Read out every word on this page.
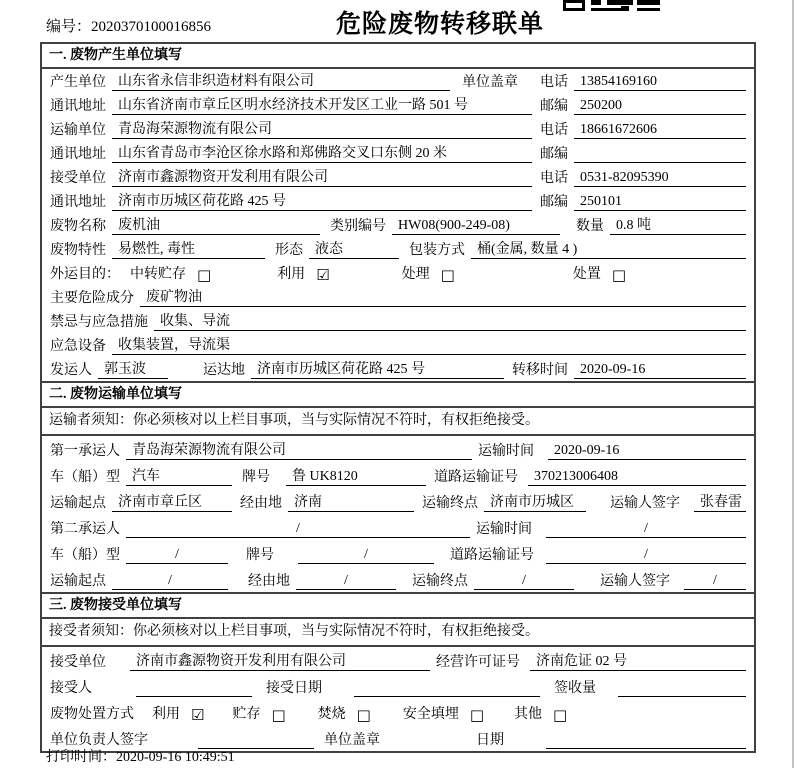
编号：2020370100016856	危险废物转移联单
一. 废物产生单位填写
产生单位 山东省永信非织造材料有限公司	单位盖章 电话 13854169160
通讯地址 山东省济南市章丘区明水经济技术开发区工业一路 501 号	邮编 250200
运输单位 青岛海荣源物流有限公司	电话 18661672606
通讯地址 山东省青岛市李沧区徐水路和郑佛路交叉口东侧 20 米	邮编
接受单位 济南市鑫源物资开发利用有限公司	电话 0531-82095390
通讯地址 济南市历城区荷花路 425 号	邮编 250101
废物名称 废机油	类别编号 HW08(900-249-08)	数量 0.8 吨
废物特性 易燃性, 毒性	形态 液态	包装方式 桶(金属, 数量 4 )
外运目的： 中转贮存 □	利用 ☑	处理 □	处置 □
主要危险成分 废矿物油
禁忌与应急措施 收集、导流
应急设备 收集装置，导流渠
发运人 郭玉波	运达地 济南市历城区荷花路 425 号	转移时间 2020-09-16
二. 废物运输单位填写
运输者须知：你必须核对以上栏目事项，当与实际情况不符时，有权拒绝接受。
第一承运人 青岛海荣源物流有限公司	运输时间	2020-09-16
车（船）型 汽车	牌号	鲁 UK8120	道路运输证号	370213006408
运输起点 济南市章丘区	经由地 济南	运输终点 济南市历城区	运输人签字	张春雷
第二承运人	/	运输时间	/
车（船）型	/	牌号	/	道路运输证号	/
运输起点	/	经由地	/	运输终点	/	运输人签字	/
三. 废物接受单位填写
接受者须知：你必须核对以上栏目事项，当与实际情况不符时，有权拒绝接受。
接受单位	济南市鑫源物资开发利用有限公司	经营许可证号	济南危证 02 号
接受人	接受日期	签收量
废物处置方式 利用 ☑ 贮存 □ 焚烧 □ 安全填埋 □ 其他 □
单位负责人签字	单位盖章	日期
打印时间：2020-09-16 10:49:51
